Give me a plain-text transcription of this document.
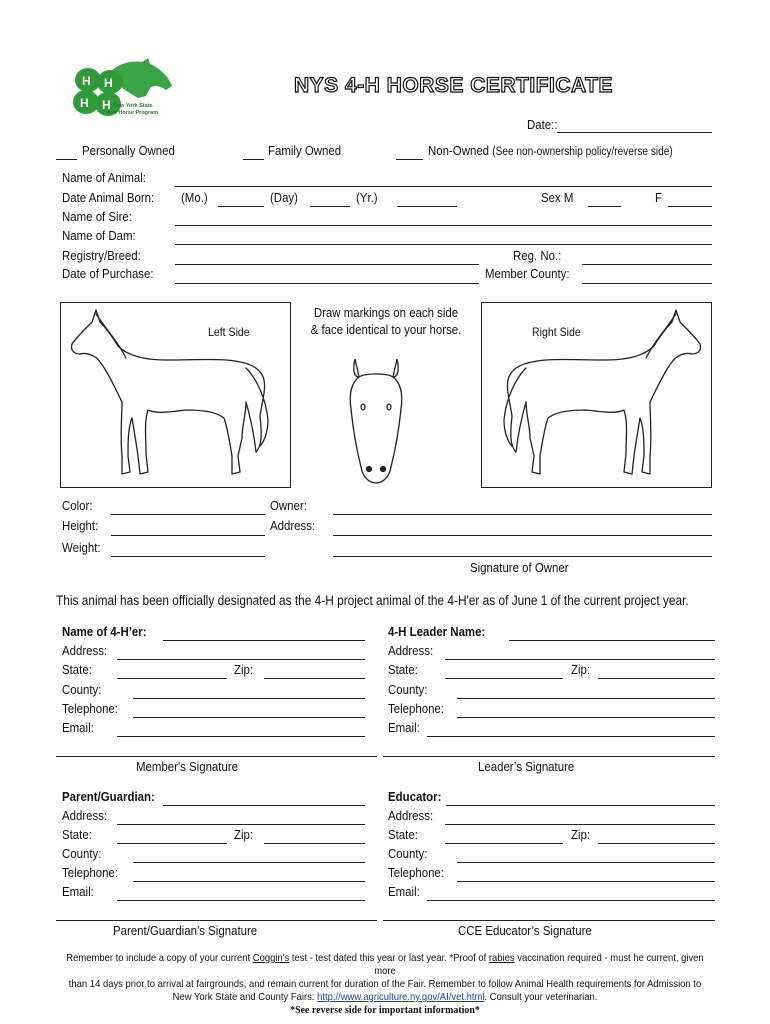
H H
H H New York State
4-H Horse Program
NYS 4-H HORSE CERTIFICATE
Date::
Personally Owned	Family Owned	Non-Owned (See non-ownership policy/reverse side)
Name of Animal:
Date Animal Born: (Mo.)	(Day)	(Yr.)	Sex M	F
Name of Sire:
Name of Dam:
Registry/Breed:	Reg. No.:
Date of Purchase:	Member County:
Left Side	Right Side
Draw markings on each side
& face identical to your horse.
Color:
Height:
Weight:
Owner:
Address:
Signature of Owner
This animal has been officially designated as the 4-H project animal of the 4-H'er as of June 1 of the current project year.
Name of 4-H’er:
Address:
State:	Zip:
County:
Telephone:
Email:
Member's Signature
4-H Leader Name:
Address:
State:	Zip:
County:
Telephone:
Email:
Leader’s Signature
Parent/Guardian:
Address:
State:	Zip:
County:
Telephone:
Email:
Parent/Guardian’s Signature
Educator:
Address:
State:	Zip:
County:
Telephone:
Email:
CCE Educator’s Signature
Remember to include a copy of your current Coggin's test - test dated this year or last year. *Proof of rabies vaccination required - must he current, given more
than 14 days prior to arrival at fairgrounds, and remain current for duration of the Fair. Remember to follow Animal Health requirements for Admission to
New York State and County Fairs: http://www.agriculture.ny.gov/AI/vet.html. Consult your veterinarian.
*See reverse side for important information*
